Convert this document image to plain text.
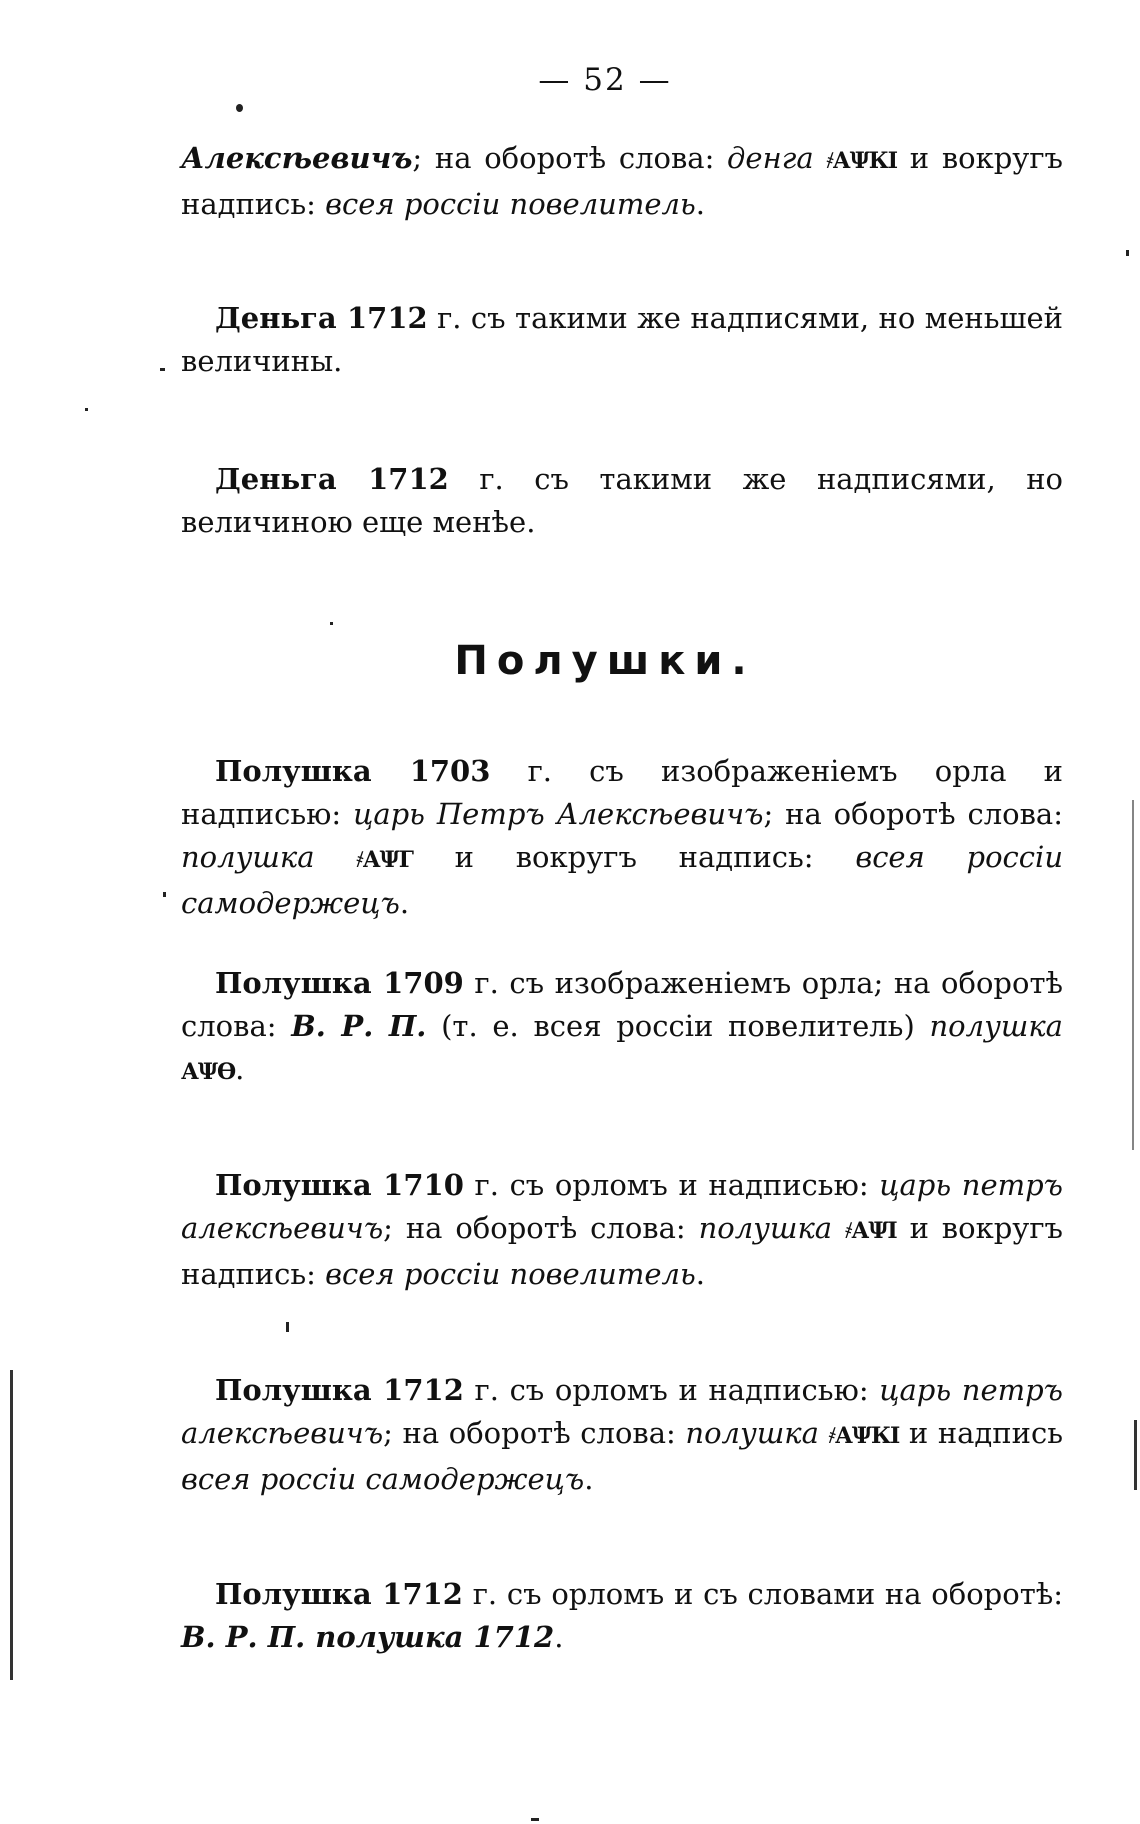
— 52 —

Алексѣевичъ; на оборотѣ слова: денга ҂АΨКІ и вокругъ надпись: всея россіи повелитель.

Деньга 1712 г. съ такими же надписями, но меньшей величины.

Деньга 1712 г. съ такими же надписями, но величиною еще менѣе.

Полушки.

Полушка 1703 г. съ изображеніемъ орла и надписью: царь Петръ Алексѣевичъ; на оборотѣ слова: полушка ҂АΨГ и вокругъ надпись: всея россіи самодержецъ.

Полушка 1709 г. съ изображеніемъ орла; на оборотѣ слова: В. Р. П. (т. е. всея россіи повелитель) полушка АΨѲ.

Полушка 1710 г. съ орломъ и надписью: царь петръ алексѣевичъ; на оборотѣ слова: полушка ҂АΨІ и вокругъ надпись: всея россіи повелитель.

Полушка 1712 г. съ орломъ и надписью: царь петръ алексѣевичъ; на оборотѣ слова: полушка ҂АΨКІ и надпись всея россіи самодержецъ.

Полушка 1712 г. съ орломъ и съ словами на оборотѣ: В. Р. П. полушка 1712.
